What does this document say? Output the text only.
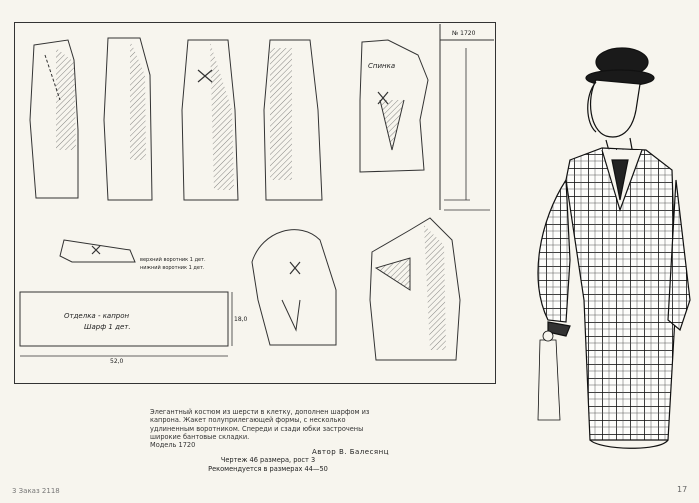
№ 1720
Отделка - капрон
Шарф 1 дет.
52,0
18,0
Спинка
верхний воротник 1 дет.
нижний воротник 1 дет.
Элегантный костюм из шерсти в клетку, дополнен шарфом из капрона. Жакет полуприлегающей формы, с несколько удлиненным воротником. Спереди и сзади юбки застрочены широкие бантовые складки.
Модель 1720
Автор В. Балесянц
Чертеж 46 размера, рост 3
Рекомендуется в размерах 44—50
3 Заказ 2118	17
